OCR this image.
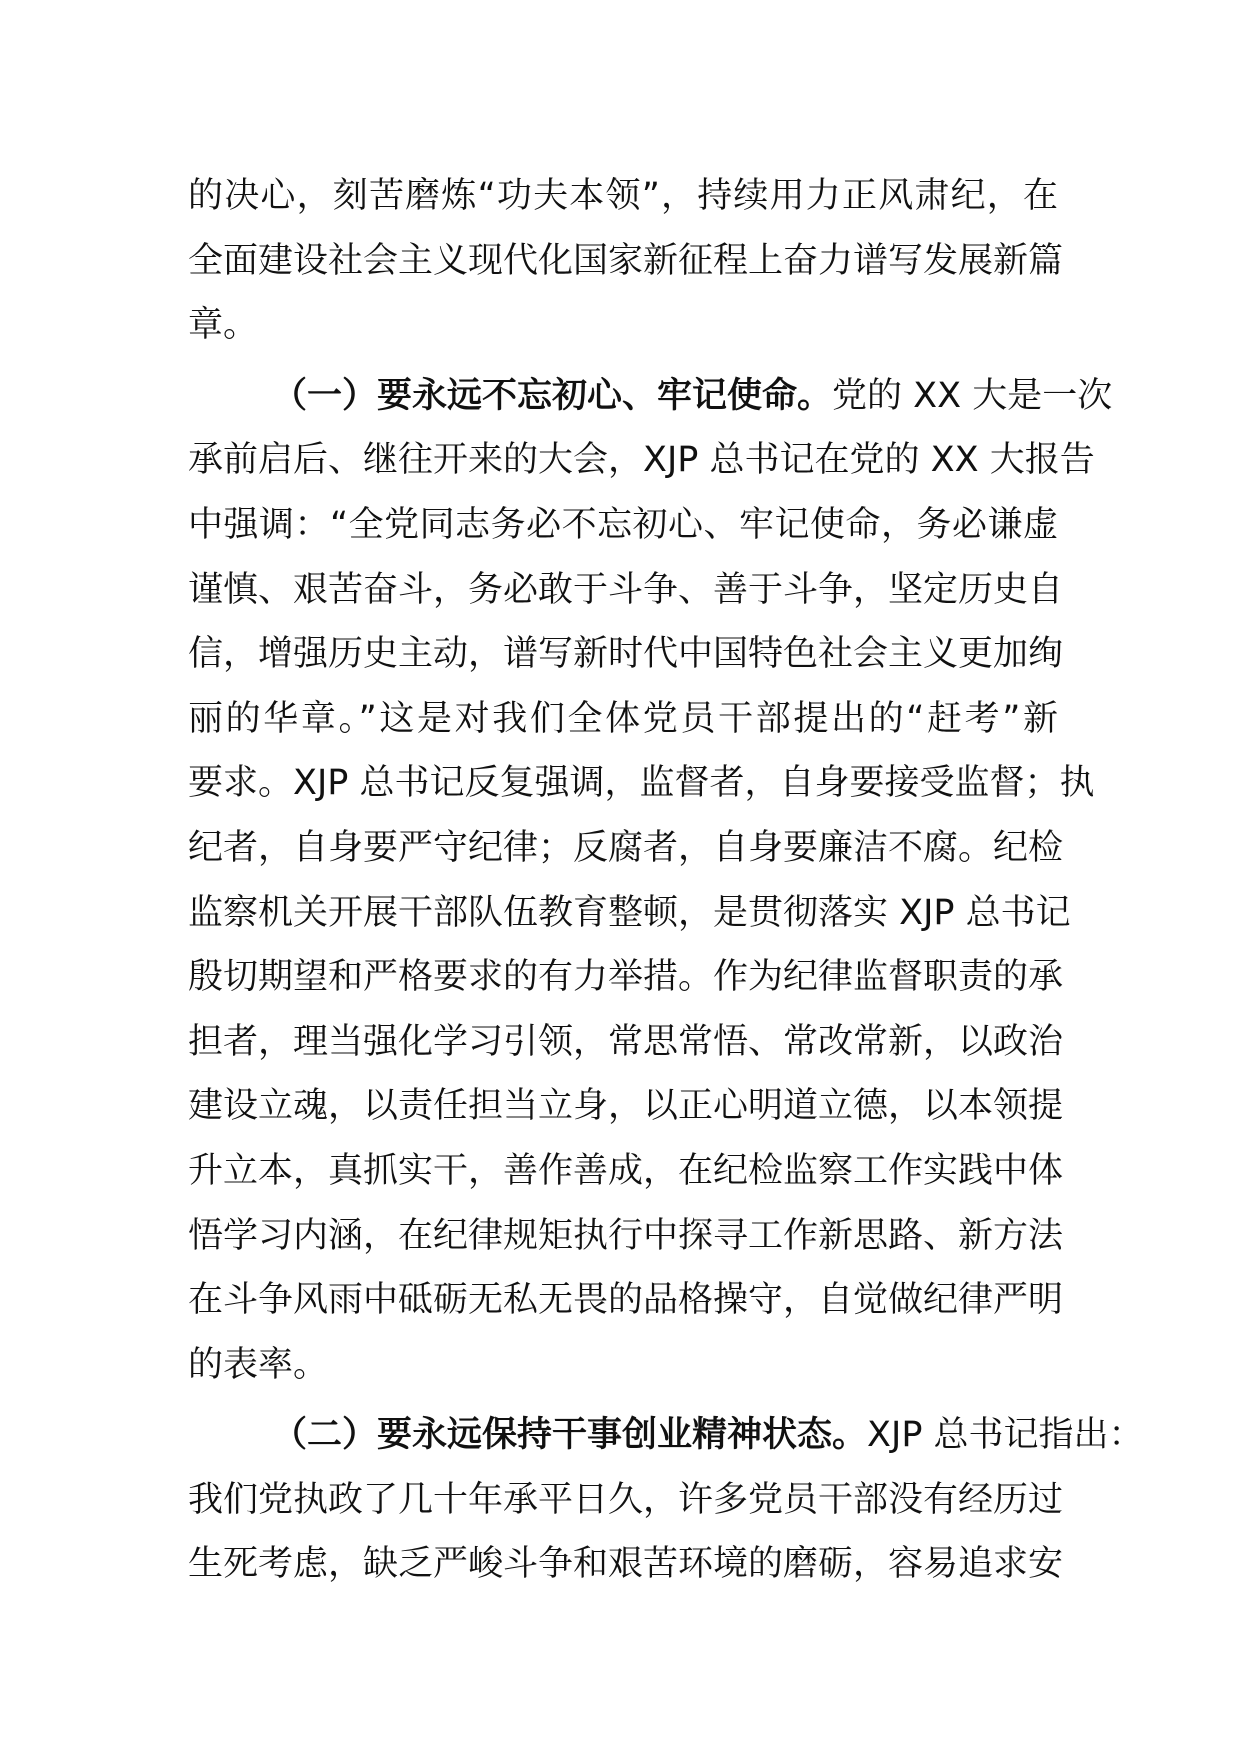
的决心，刻苦磨炼“功夫本领”，持续用力正风肃纪，在
全面建设社会主义现代化国家新征程上奋力谱写发展新篇
章。
（一）要永远不忘初心、牢记使命。党的 XX 大是一次
承前启后、继往开来的大会，XJP 总书记在党的 XX 大报告
中强调：“全党同志务必不忘初心、牢记使命，务必谦虚
谨慎、艰苦奋斗，务必敢于斗争、善于斗争，坚定历史自
信，增强历史主动，谱写新时代中国特色社会主义更加绚
丽的华章。”这是对我们全体党员干部提出的“赶考”新
要求。XJP 总书记反复强调，监督者，自身要接受监督；执
纪者，自身要严守纪律；反腐者，自身要廉洁不腐。纪检
监察机关开展干部队伍教育整顿，是贯彻落实 XJP 总书记
殷切期望和严格要求的有力举措。作为纪律监督职责的承
担者，理当强化学习引领，常思常悟、常改常新，以政治
建设立魂，以责任担当立身，以正心明道立德，以本领提
升立本，真抓实干，善作善成，在纪检监察工作实践中体
悟学习内涵，在纪律规矩执行中探寻工作新思路、新方法
在斗争风雨中砥砺无私无畏的品格操守，自觉做纪律严明
的表率。
（二）要永远保持干事创业精神状态。XJP 总书记指出：
我们党执政了几十年承平日久，许多党员干部没有经历过
生死考虑，缺乏严峻斗争和艰苦环境的磨砺，容易追求安
